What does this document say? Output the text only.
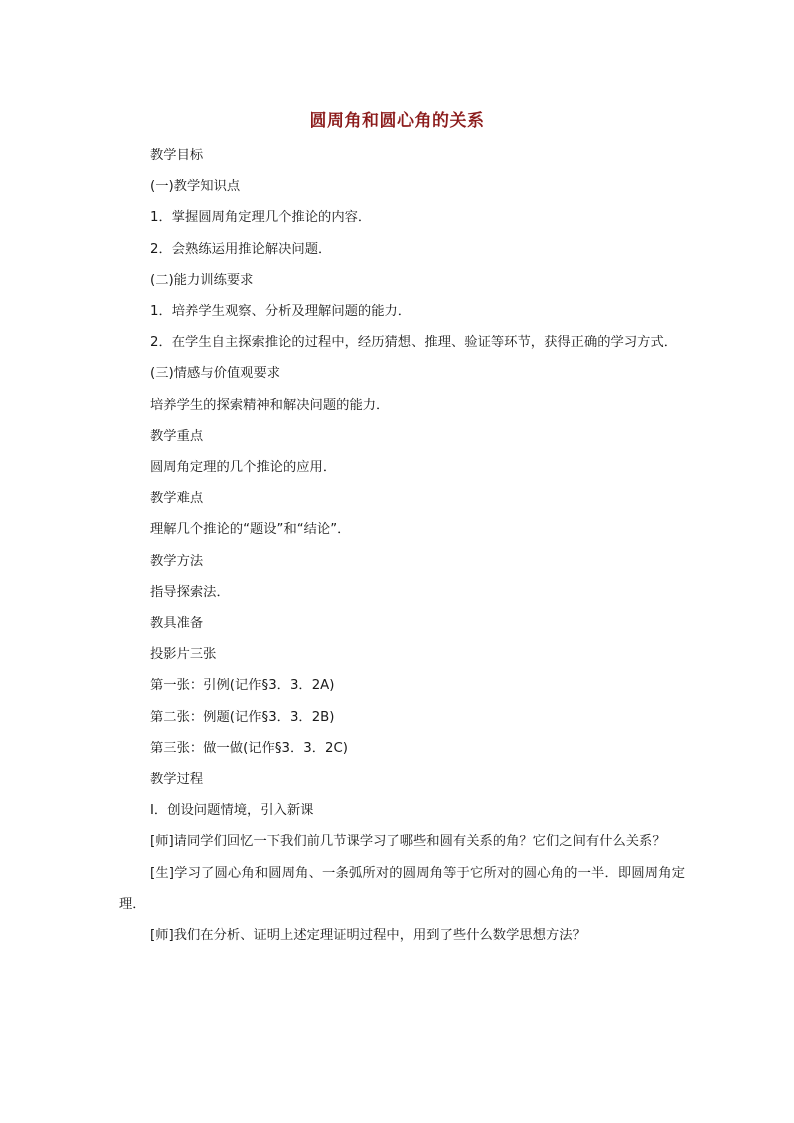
圆周角和圆心角的关系
教学目标
(一)教学知识点
1．掌握圆周角定理几个推论的内容．
2．会熟练运用推论解决问题．
(二)能力训练要求
1．培养学生观察、分析及理解问题的能力．
2．在学生自主探索推论的过程中，经历猜想、推理、验证等环节，获得正确的学习方式．
(三)情感与价值观要求
培养学生的探索精神和解决问题的能力．
教学重点
圆周角定理的几个推论的应用．
教学难点
理解几个推论的“题设”和“结论”．
教学方法
指导探索法．
教具准备
投影片三张
第一张：引例(记作§3．3．2A)
第二张：例题(记作§3．3．2B)
第三张：做一做(记作§3．3．2C)
教学过程
Ⅰ．创设问题情境，引入新课
[师]请同学们回忆一下我们前几节课学习了哪些和圆有关系的角？它们之间有什么关系？
[生]学习了圆心角和圆周角、一条弧所对的圆周角等于它所对的圆心角的一半．即圆周角定理．
[师]我们在分析、证明上述定理证明过程中，用到了些什么数学思想方法？
